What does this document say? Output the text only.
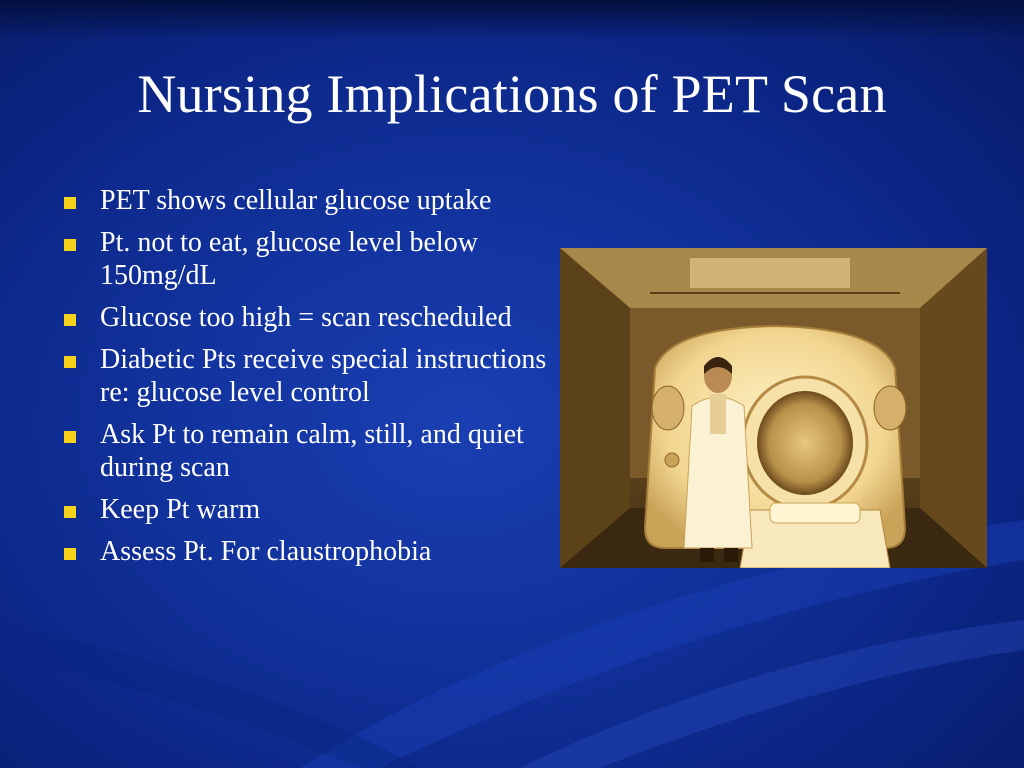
Nursing Implications of PET Scan
PET shows cellular glucose uptake
Pt. not to eat, glucose level below 150mg/dL
Glucose too high = scan rescheduled
Diabetic Pts receive special instructions re: glucose level control
Ask Pt to remain calm, still, and quiet during scan
Keep Pt warm
Assess Pt. For claustrophobia
